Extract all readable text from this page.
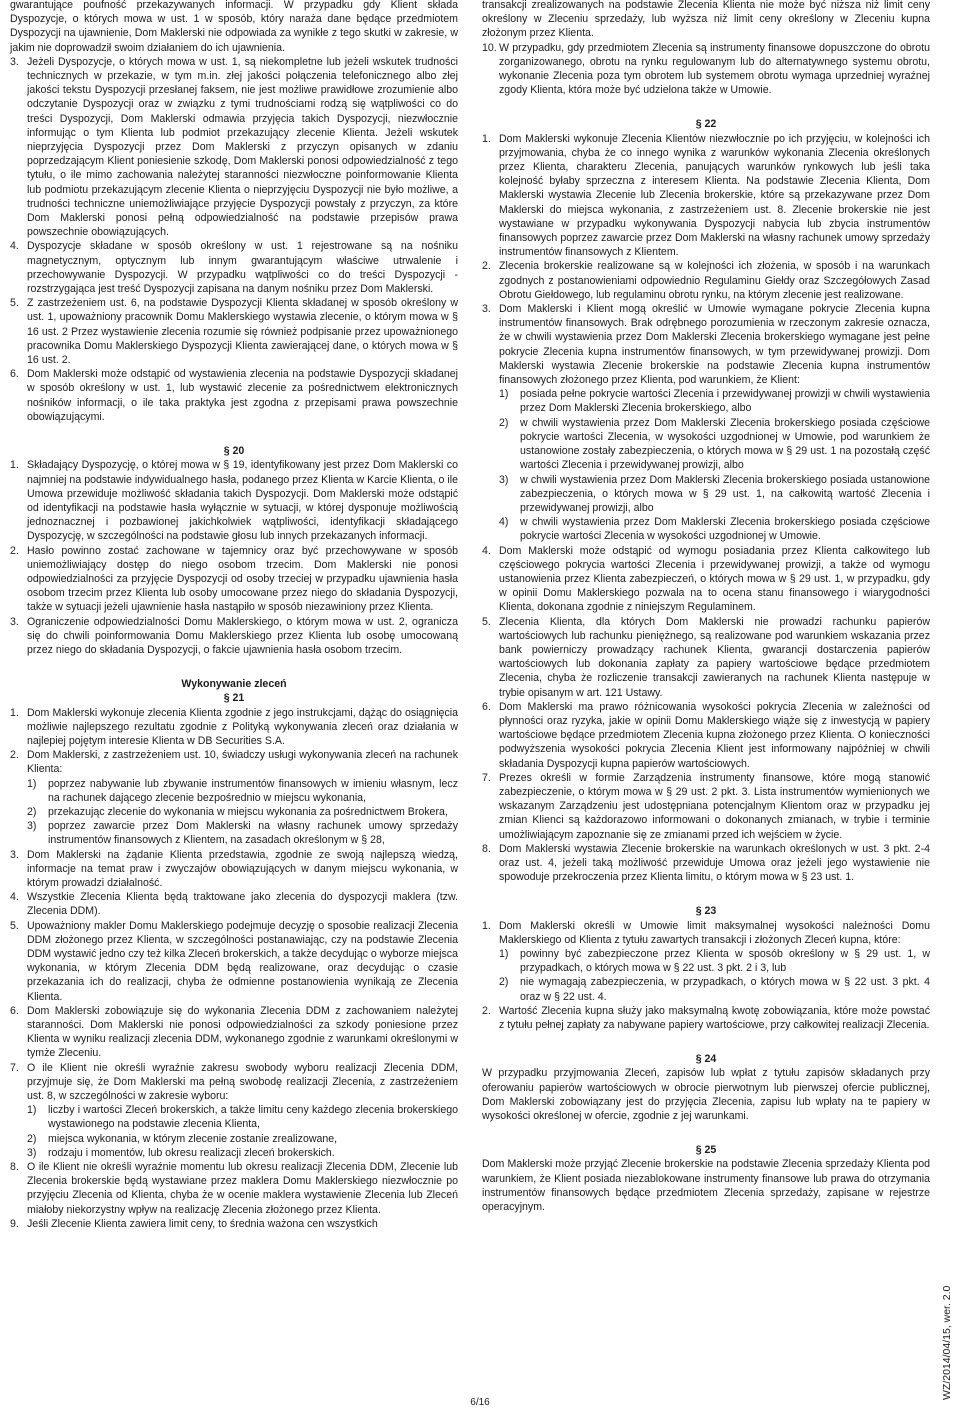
gwarantujące poufność przekazywanych informacji. W przypadku gdy Klient składa Dyspozycje, o których mowa w ust. 1 w sposób, który naraża dane będące przedmiotem Dyspozycji na ujawnienie, Dom Maklerski nie odpowiada za wynikłe z tego skutki w zakresie, w jakim nie doprowadził swoim działaniem do ich ujawnienia.

3. Jeżeli Dyspozycje, o których mowa w ust. 1, są niekompletne lub jeżeli wskutek trudności technicznych w przekazie, w tym m.in. złej jakości połączenia telefonicznego albo złej jakości tekstu Dyspozycji przesłanej faksem, nie jest możliwe prawidłowe zrozumienie albo odczytanie Dyspozycji oraz w związku z tymi trudnościami rodzą się wątpliwości co do treści Dyspozycji, Dom Maklerski odmawia przyjęcia takich Dyspozycji, niezwłocznie informując o tym Klienta lub podmiot przekazujący zlecenie Klienta. Jeżeli wskutek nieprzyjęcia Dyspozycji przez Dom Maklerski z przyczyn opisanych w zdaniu poprzedzającym Klient poniesienie szkodę, Dom Maklerski ponosi odpowiedzialność z tego tytułu, o ile mimo zachowania należytej staranności niezwłoczne poinformowanie Klienta lub podmiotu przekazującym zlecenie Klienta o nieprzyjęciu Dyspozycji nie było możliwe, a trudności techniczne uniemożliwiające przyjęcie Dyspozycji powstały z przyczyn, za które Dom Maklerski ponosi pełną odpowiedzialność na podstawie przepisów prawa powszechnie obowiązujących.
4. Dyspozycje składane w sposób określony w ust. 1 rejestrowane są na nośniku magnetycznym, optycznym lub innym gwarantującym właściwe utrwalenie i przechowywanie Dyspozycji. W przypadku wątpliwości co do treści Dyspozycji - rozstrzygająca jest treść Dyspozycji zapisana na danym nośniku przez Dom Maklerski.
5. Z zastrzeżeniem ust. 6, na podstawie Dyspozycji Klienta składanej w sposób określony w ust. 1, upoważniony pracownik Domu Maklerskiego wystawia zlecenie, o którym mowa w § 16 ust. 2 Przez wystawienie zlecenia rozumie się również podpisanie przez upoważnionego pracownika Domu Maklerskiego Dyspozycji Klienta zawierającej dane, o których mowa w § 16 ust. 2.
6. Dom Maklerski może odstąpić od wystawienia zlecenia na podstawie Dyspozycji składanej w sposób określony w ust. 1, lub wystawić zlecenie za pośrednictwem elektronicznych nośników informacji, o ile taka praktyka jest zgodna z przepisami prawa powszechnie obowiązującymi.
§ 20
1. Składający Dyspozycję, o której mowa w § 19, identyfikowany jest przez Dom Maklerski co najmniej na podstawie indywidualnego hasła, podanego przez Klienta w Karcie Klienta, o ile Umowa przewiduje możliwość składania takich Dyspozycji. Dom Maklerski może odstąpić od identyfikacji na podstawie hasła wyłącznie w sytuacji, w której dysponuje możliwością jednoznacznej i pozbawionej jakichkolwiek wątpliwości, identyfikacji składającego Dyspozycję, w szczególności na podstawie głosu lub innych przekazanych informacji.
2. Hasło powinno zostać zachowane w tajemnicy oraz być przechowywane w sposób uniemożliwiający dostęp do niego osobom trzecim. Dom Maklerski nie ponosi odpowiedzialności za przyjęcie Dyspozycji od osoby trzeciej w przypadku ujawnienia hasła osobom trzecim przez Klienta lub osoby umocowane przez niego do składania Dyspozycji, także w sytuacji jeżeli ujawnienie hasła nastąpiło w sposób niezawiniony przez Klienta.
3. Ograniczenie odpowiedzialności Domu Maklerskiego, o którym mowa w ust. 2, ogranicza się do chwili poinformowania Domu Maklerskiego przez Klienta lub osobę umocowaną przez niego do składania Dyspozycji, o fakcie ujawnienia hasła osobom trzecim.
Wykonywanie zleceń
§ 21
1. Dom Maklerski wykonuje zlecenia Klienta zgodnie z jego instrukcjami, dążąc do osiągnięcia możliwie najlepszego rezultatu zgodnie z Polityką wykonywania zleceń oraz działania w najlepiej pojętym interesie Klienta w DB Securities S.A.
2. Dom Maklerski, z zastrzeżeniem ust. 10, świadczy usługi wykonywania zleceń na rachunek Klienta:
1)	poprzez nabywanie lub zbywanie instrumentów finansowych w imieniu własnym, lecz na rachunek dającego zlecenie bezpośrednio w miejscu wykonania,
2)	przekazując zlecenie do wykonania w miejscu wykonania za pośrednictwem Brokera,
3)	poprzez zawarcie przez Dom Maklerski na własny rachunek umowy sprzedaży instrumentów finansowych z Klientem, na zasadach określonym w § 28,
3. Dom Maklerski na żądanie Klienta przedstawia, zgodnie ze swoją najlepszą wiedzą, informacje na temat praw i zwyczajów obowiązujących w danym miejscu wykonania, w którym prowadzi działalność.
4. Wszystkie Zlecenia Klienta będą traktowane jako zlecenia do dyspozycji maklera (tzw. Zlecenia DDM).
5. Upoważniony makler Domu Maklerskiego podejmuje decyzję o sposobie realizacji Zlecenia DDM złożonego przez Klienta, w szczególności postanawiając, czy na podstawie Zlecenia DDM wystawić jedno czy też kilka Zleceń brokerskich, a także decydując o wyborze miejsca wykonania, w którym Zlecenia DDM będą realizowane, oraz decydując o czasie przekazania ich do realizacji, chyba że odmienne postanowienia wynikają ze Zlecenia Klienta.
6. Dom Maklerski zobowiązuje się do wykonania Zlecenia DDM z zachowaniem należytej staranności. Dom Maklerski nie ponosi odpowiedzialności za szkody poniesione przez Klienta w wyniku realizacji zlecenia DDM, wykonanego zgodnie z warunkami określonymi w tymże Zleceniu.
7. O ile Klient nie określi wyraźnie zakresu swobody wyboru realizacji Zlecenia DDM, przyjmuje się, że Dom Maklerski ma pełną swobodę realizacji Zlecenia, z zastrzeżeniem ust. 8, w szczególności w zakresie wyboru:
1)	liczby i wartości Zleceń brokerskich, a także limitu ceny każdego zlecenia brokerskiego wystawionego na podstawie zlecenia Klienta,
2)	miejsca wykonania, w którym zlecenie zostanie zrealizowane,
3)	rodzaju i momentów, lub okresu realizacji zleceń brokerskich.
8. O ile Klient nie określi wyraźnie momentu lub okresu realizacji Zlecenia DDM, Zlecenie lub Zlecenia brokerskie będą wystawiane przez maklera Domu Maklerskiego niezwłocznie po przyjęciu Zlecenia od Klienta, chyba że w ocenie maklera wystawienie Zlecenia lub Zleceń miałoby niekorzystny wpływ na realizację Zlecenia złożonego przez Klienta.
9. Jeśli Zlecenie Klienta zawiera limit ceny, to średnia ważona cen wszystkich

transakcji zrealizowanych na podstawie Zlecenia Klienta nie może być niższa niż limit ceny określony w Zleceniu sprzedaży, lub wyższa niż limit ceny określony w Zleceniu kupna złożonym przez Klienta.

10. W przypadku, gdy przedmiotem Zlecenia są instrumenty finansowe dopuszczone do obrotu zorganizowanego, obrotu na rynku regulowanym lub do alternatywnego systemu obrotu, wykonanie Zlecenia poza tym obrotem lub systemem obrotu wymaga uprzedniej wyraźnej zgody Klienta, która może być udzielona także w Umowie.
§ 22
1. Dom Maklerski wykonuje Zlecenia Klientów niezwłocznie po ich przyjęciu, w kolejności ich przyjmowania, chyba że co innego wynika z warunków wykonania Zlecenia określonych przez Klienta, charakteru Zlecenia, panujących warunków rynkowych lub jeśli taka kolejność byłaby sprzeczna z interesem Klienta. Na podstawie Zlecenia Klienta, Dom Maklerski wystawia Zlecenie lub Zlecenia brokerskie, które są przekazywane przez Dom Maklerski do miejsca wykonania, z zastrzeżeniem ust. 8. Zlecenie brokerskie nie jest wystawiane w przypadku wykonywania Dyspozycji nabycia lub zbycia instrumentów finansowych poprzez zawarcie przez Dom Maklerski na własny rachunek umowy sprzedaży instrumentów finansowych z Klientem.
2. Zlecenia brokerskie realizowane są w kolejności ich złożenia, w sposób i na warunkach zgodnych z postanowieniami odpowiednio Regulaminu Giełdy oraz Szczegółowych Zasad Obrotu Giełdowego, lub regulaminu obrotu rynku, na którym zlecenie jest realizowane.
3. Dom Maklerski i Klient mogą określić w Umowie wymagane pokrycie Zlecenia kupna instrumentów finansowych. Brak odrębnego porozumienia w rzeczonym zakresie oznacza, że w chwili wystawienia przez Dom Maklerski Zlecenia brokerskiego wymagane jest pełne pokrycie Zlecenia kupna instrumentów finansowych, w tym przewidywanej prowizji. Dom Maklerski wystawia Zlecenie brokerskie na podstawie Zlecenia kupna instrumentów finansowych złożonego przez Klienta, pod warunkiem, że Klient:
1)	posiada pełne pokrycie wartości Zlecenia i przewidywanej prowizji w chwili wystawienia przez Dom Maklerski Zlecenia brokerskiego, albo
2)	w chwili wystawienia przez Dom Maklerski Zlecenia brokerskiego posiada częściowe pokrycie wartości Zlecenia, w wysokości uzgodnionej w Umowie, pod warunkiem że ustanowione zostały zabezpieczenia, o których mowa w § 29 ust. 1 na pozostałą część wartości Zlecenia i przewidywanej prowizji, albo
3)	w chwili wystawienia przez Dom Maklerski Zlecenia brokerskiego posiada ustanowione zabezpieczenia, o których mowa w § 29 ust. 1, na całkowitą wartość Zlecenia i przewidywanej prowizji, albo
4)	w chwili wystawienia przez Dom Maklerski Zlecenia brokerskiego posiada częściowe pokrycie wartości Zlecenia w wysokości uzgodnionej w Umowie.
4. Dom Maklerski może odstąpić od wymogu posiadania przez Klienta całkowitego lub częściowego pokrycia wartości Zlecenia i przewidywanej prowizji, a także od wymogu ustanowienia przez Klienta zabezpieczeń, o których mowa w § 29 ust. 1, w przypadku, gdy w opinii Domu Maklerskiego pozwala na to ocena stanu finansowego i wiarygodności Klienta, dokonana zgodnie z niniejszym Regulaminem.
5. Zlecenia Klienta, dla których Dom Maklerski nie prowadzi rachunku papierów wartościowych lub rachunku pieniężnego, są realizowane pod warunkiem wskazania przez bank powierniczy prowadzący rachunek Klienta, gwarancji dostarczenia papierów wartościowych lub dokonania zapłaty za papiery wartościowe będące przedmiotem Zlecenia, chyba że rozliczenie transakcji zawieranych na rachunek Klienta następuje w trybie opisanym w art. 121 Ustawy.
6. Dom Maklerski ma prawo różnicowania wysokości pokrycia Zlecenia w zależności od płynności oraz ryzyka, jakie w opinii Domu Maklerskiego wiąże się z inwestycją w papiery wartościowe będące przedmiotem Zlecenia kupna złożonego przez Klienta. O konieczności podwyższenia wysokości pokrycia Zlecenia Klient jest informowany najpóźniej w chwili składania Dyspozycji kupna papierów wartościowych.
7. Prezes określi w formie Zarządzenia instrumenty finansowe, które mogą stanowić zabezpieczenie, o którym mowa w § 29 ust. 2 pkt. 3. Lista instrumentów wymienionych we wskazanym Zarządzeniu jest udostępniana potencjalnym Klientom oraz w przypadku jej zmian Klienci są każdorazowo informowani o dokonanych zmianach, w trybie i terminie umożliwiającym zapoznanie się ze zmianami przed ich wejściem w życie.
8. Dom Maklerski wystawia Zlecenie brokerskie na warunkach określonych w ust. 3 pkt. 2-4 oraz ust. 4, jeżeli taką możliwość przewiduje Umowa oraz jeżeli jego wystawienie nie spowoduje przekroczenia przez Klienta limitu, o którym mowa w § 23 ust. 1.
§ 23
1. Dom Maklerski określi w Umowie limit maksymalnej wysokości należności Domu Maklerskiego od Klienta z tytułu zawartych transakcji i złożonych Zleceń kupna, które:
1)	powinny być zabezpieczone przez Klienta w sposób określony w § 29 ust. 1, w przypadkach, o których mowa w § 22 ust. 3 pkt. 2 i 3, lub
2)	nie wymagają zabezpieczenia, w przypadkach, o których mowa w § 22 ust. 3 pkt. 4 oraz w § 22 ust. 4.
2. Wartość Zlecenia kupna służy jako maksymalną kwotę zobowiązania, które może powstać z tytułu pełnej zapłaty za nabywane papiery wartościowe, przy całkowitej realizacji Zlecenia.
§ 24

W przypadku przyjmowania Zleceń, zapisów lub wpłat z tytułu zapisów składanych przy oferowaniu papierów wartościowych w obrocie pierwotnym lub pierwszej ofercie publicznej, Dom Maklerski zobowiązany jest do przyjęcia Zlecenia, zapisu lub wpłaty na te papiery w wysokości określonej w ofercie, zgodnie z jej warunkami.

§ 25

Dom Maklerski może przyjąć Zlecenie brokerskie na podstawie Zlecenia sprzedaży Klienta pod warunkiem, że Klient posiada niezablokowane instrumenty finansowe lub prawa do otrzymania instrumentów finansowych będące przedmiotem Zlecenia sprzedaży, zapisane w rejestrze operacyjnym.

6/16
WZ/2014/04/15, wer. 2.0
